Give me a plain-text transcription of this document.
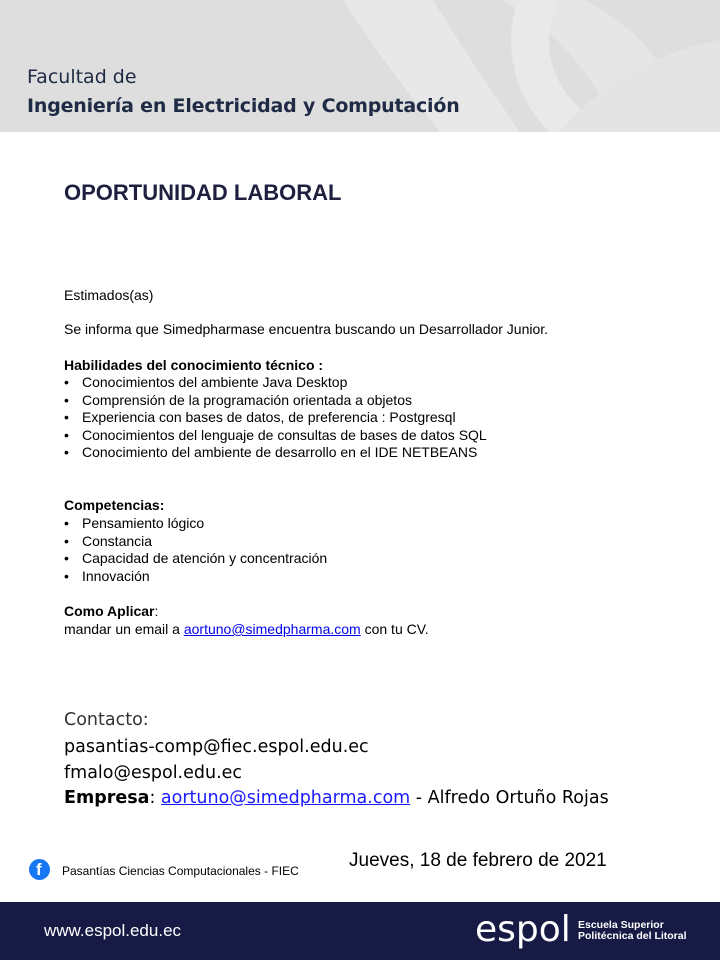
Facultad de
Ingeniería en Electricidad y Computación
OPORTUNIDAD LABORAL
Estimados(as)
Se informa que Simedpharmase encuentra buscando un Desarrollador Junior.
Habilidades del conocimiento técnico :
• Conocimientos del ambiente Java Desktop
• Comprensión de la programación orientada a objetos
• Experiencia con bases de datos, de preferencia : Postgresql
• Conocimientos del lenguaje de consultas de bases de datos SQL
• Conocimiento del ambiente de desarrollo en el IDE NETBEANS
Competencias:
• Pensamiento lógico
• Constancia
• Capacidad de atención y concentración
• Innovación
Como Aplicar:
mandar un email a aortuno@simedpharma.com con tu CV.
Contacto:
pasantias-comp@fiec.espol.edu.ec
fmalo@espol.edu.ec
Empresa: aortuno@simedpharma.com - Alfredo Ortuño Rojas
f Pasantías Ciencias Computacionales - FIEC	Jueves, 18 de febrero de 2021
www.espol.edu.ec	espol Escuela Superior
Politécnica del Litoral
